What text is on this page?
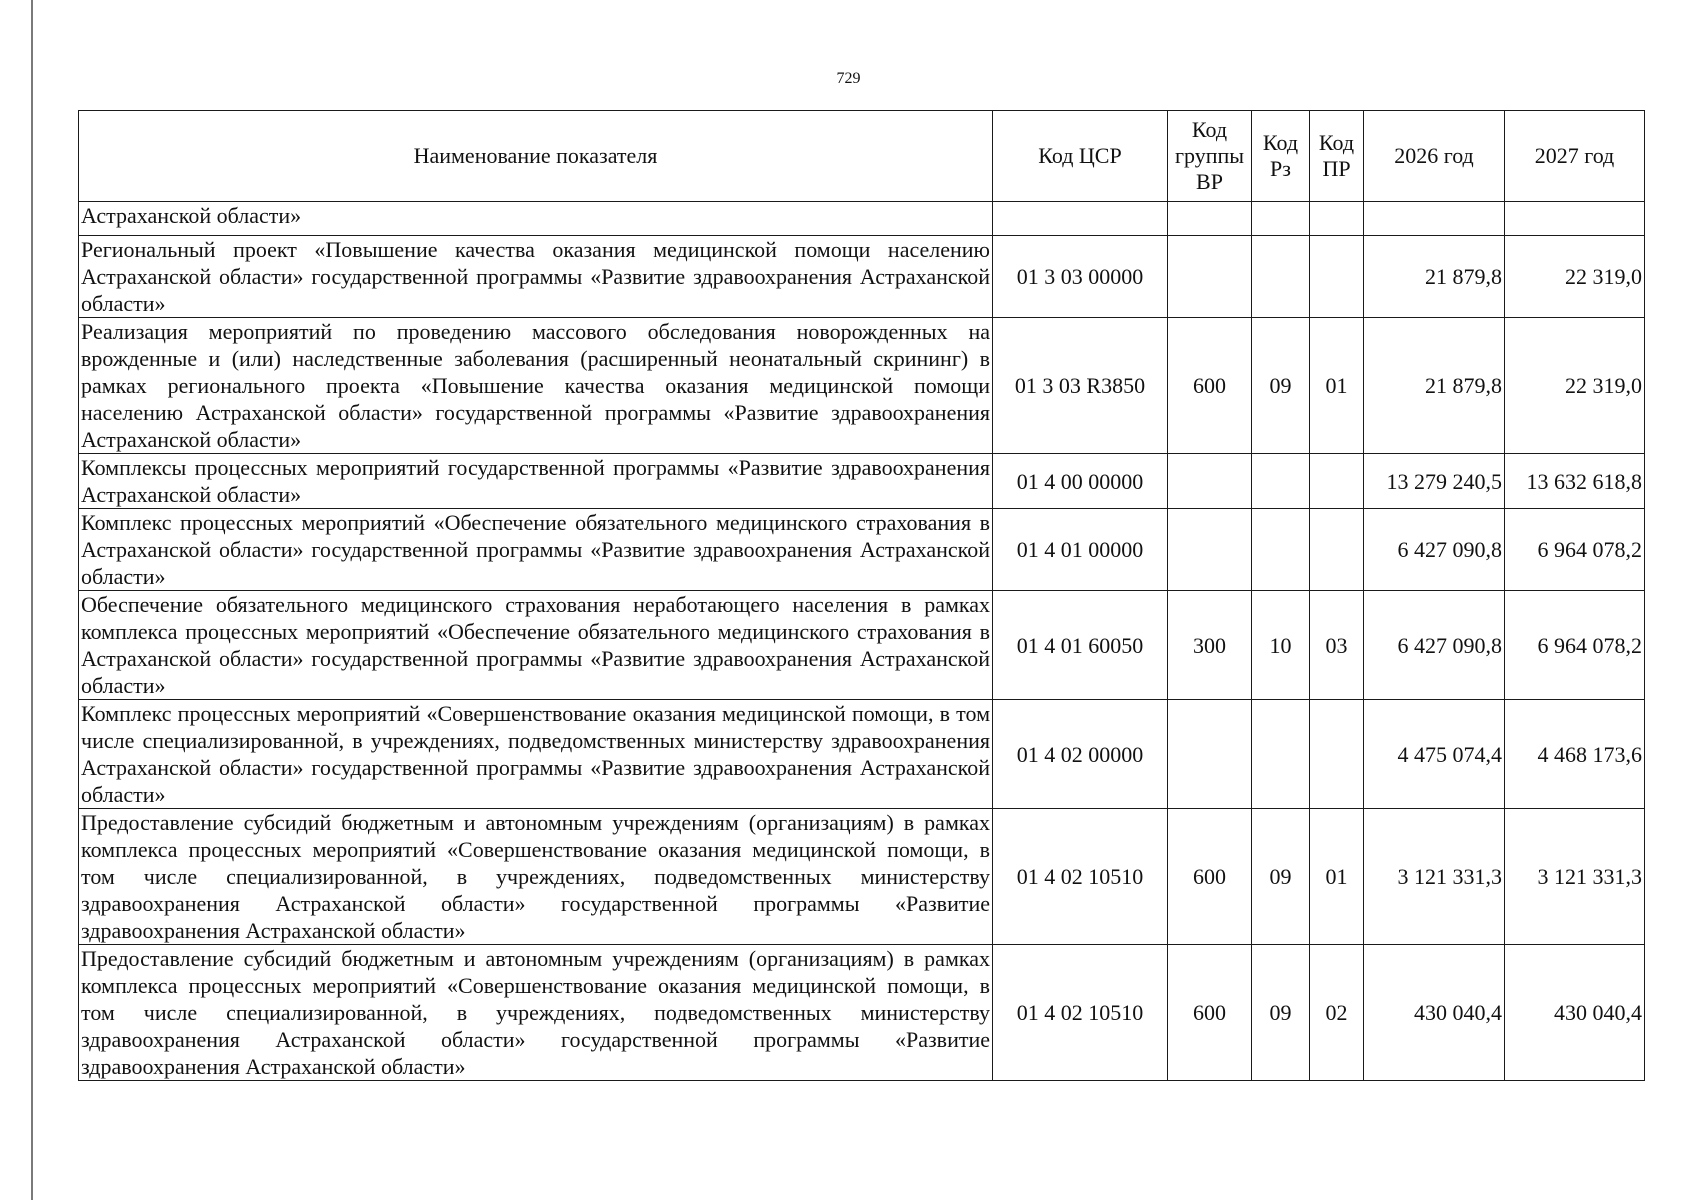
729
Наименование показателя	Код ЦСР	Код группы ВР	Код Рз	Код ПР	2026 год	2027 год
Астраханской области»						
Региональный проект «Повышение качества оказания медицинской помощи населению Астраханской области» государственной программы «Развитие здравоохранения Астраханской области»	01 3 03 00000				21 879,8	22 319,0
Реализация мероприятий по проведению массового обследования новорожденных на врожденные и (или) наследственные заболевания (расширенный неонатальный скрининг) в рамках регионального проекта «Повышение качества оказания медицинской помощи населению Астраханской области» государственной программы «Развитие здравоохранения Астраханской области»	01 3 03 R3850	600	09	01	21 879,8	22 319,0
Комплексы процессных мероприятий государственной программы «Развитие здравоохранения Астраханской области»	01 4 00 00000				13 279 240,5	13 632 618,8
Комплекс процессных мероприятий «Обеспечение обязательного медицинского страхования в Астраханской области» государственной программы «Развитие здравоохранения Астраханской области»	01 4 01 00000				6 427 090,8	6 964 078,2
Обеспечение обязательного медицинского страхования неработающего населения в рамках комплекса процессных мероприятий «Обеспечение обязательного медицинского страхования в Астраханской области» государственной программы «Развитие здравоохранения Астраханской области»	01 4 01 60050	300	10	03	6 427 090,8	6 964 078,2
Комплекс процессных мероприятий «Совершенствование оказания медицинской помощи, в том числе специализированной, в учреждениях, подведомственных министерству здравоохранения Астраханской области» государственной программы «Развитие здравоохранения Астраханской области»	01 4 02 00000				4 475 074,4	4 468 173,6
Предоставление субсидий бюджетным и автономным учреждениям (организациям) в рамках комплекса процессных мероприятий «Совершенствование оказания медицинской помощи, в том числе специализированной, в учреждениях, подведомственных министерству здравоохранения Астраханской области» государственной программы «Развитие здравоохранения Астраханской области»	01 4 02 10510	600	09	01	3 121 331,3	3 121 331,3
Предоставление субсидий бюджетным и автономным учреждениям (организациям) в рамках комплекса процессных мероприятий «Совершенствование оказания медицинской помощи, в том числе специализированной, в учреждениях, подведомственных министерству здравоохранения Астраханской области» государственной программы «Развитие здравоохранения Астраханской области»	01 4 02 10510	600	09	02	430 040,4	430 040,4
